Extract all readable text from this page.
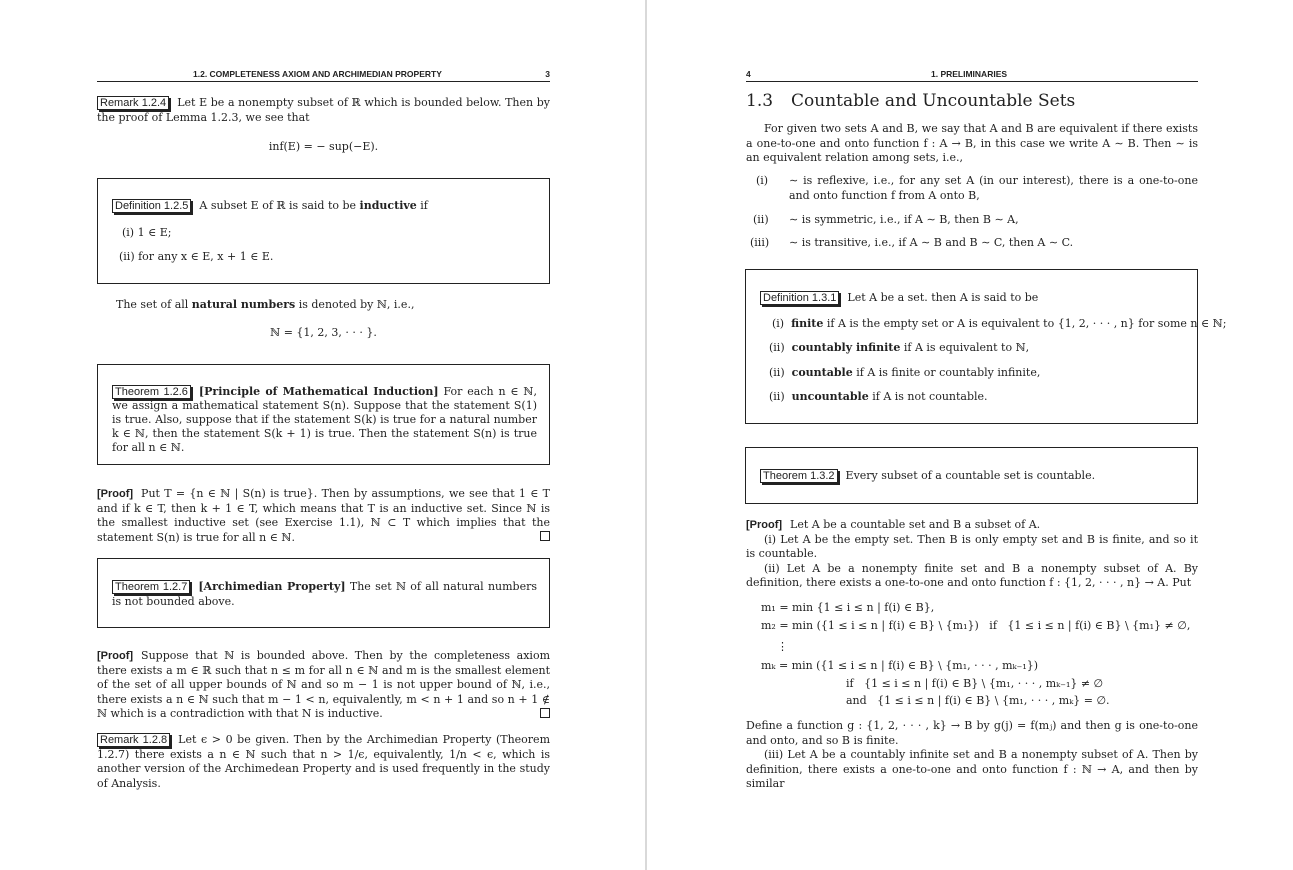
1.2. COMPLETENESS AXIOM AND ARCHIMEDIAN PROPERTY	3

Remark 1.2.4 Let E be a nonempty subset of ℝ which is bounded below. Then by the proof of Lemma 1.2.3, we see that

inf(E) = − sup(−E).

Definition 1.2.5 A subset E of ℝ is said to be inductive if

(i) 1 ∈ E;
(ii) for any x ∈ E, x + 1 ∈ E.

The set of all natural numbers is denoted by ℕ, i.e.,

ℕ = {1, 2, 3, · · · }.

Theorem 1.2.6 [Principle of Mathematical Induction] For each n ∈ ℕ, we assign a mathematical statement S(n). Suppose that the statement S(1) is true. Also, suppose that if the statement S(k) is true for a natural number k ∈ ℕ, then the statement S(k + 1) is true. Then the statement S(n) is true for all n ∈ ℕ.

[Proof] Put T = {n ∈ ℕ | S(n) is true}. Then by assumptions, we see that 1 ∈ T and if k ∈ T, then k + 1 ∈ T, which means that T is an inductive set. Since ℕ is the smallest inductive set (see Exercise 1.1), ℕ ⊂ T which implies that the statement S(n) is true for all n ∈ ℕ.

Theorem 1.2.7 [Archimedian Property] The set ℕ of all natural numbers is not bounded above.

[Proof] Suppose that ℕ is bounded above. Then by the completeness axiom there exists a m ∈ ℝ such that n ≤ m for all n ∈ ℕ and m is the smallest element of the set of all upper bounds of ℕ and so m − 1 is not upper bound of ℕ, i.e., there exists a n ∈ ℕ such that m − 1 < n, equivalently, m < n + 1 and so n + 1 ∉ ℕ which is a contradiction with that N is inductive.

Remark 1.2.8 Let ϵ > 0 be given. Then by the Archimedian Property (Theorem 1.2.7) there exists a n ∈ ℕ such that n > 1/ϵ, equivalently, 1/n < ϵ, which is another version of the Archimedean Property and is used frequently in the study of Analysis.

4	1. PRELIMINARIES
1.3 Countable and Uncountable Sets
For given two sets A and B, we say that A and B are equivalent if there exists a one-to-one and onto function f : A → B, in this case we write A ∼ B. Then ∼ is an equivalent relation among sets, i.e.,
(i) ∼ is reflexive, i.e., for any set A (in our interest), there is a one-to-one and onto function f from A onto B,
(ii) ∼ is symmetric, i.e., if A ∼ B, then B ∼ A,
(iii) ∼ is transitive, i.e., if A ∼ B and B ∼ C, then A ∼ C.

Definition 1.3.1 Let A be a set. then A is said to be

(i) finite if A is the empty set or A is equivalent to {1, 2, · · · , n} for some n ∈ ℕ;
(ii) countably infinite if A is equivalent to ℕ,
(ii) countable if A is finite or countably infinite,
(ii) uncountable if A is not countable.

Theorem 1.3.2 Every subset of a countable set is countable.

[Proof] Let A be a countable set and B a subset of A.

(i) Let A be the empty set. Then B is only empty set and B is finite, and so it is countable.

(ii) Let A be a nonempty finite set and B a nonempty subset of A. By definition, there exists a one-to-one and onto function f : {1, 2, · · · , n} → A. Put

m₁ = min {1 ≤ i ≤ n | f(i) ∈ B},
m₂ = min ({1 ≤ i ≤ n | f(i) ∈ B} \ {m₁})   if   {1 ≤ i ≤ n | f(i) ∈ B} \ {m₁} ≠ ∅,
⋮
mₖ = min ({1 ≤ i ≤ n | f(i) ∈ B} \ {m₁, · · · , mₖ₋₁})
if   {1 ≤ i ≤ n | f(i) ∈ B} \ {m₁, · · · , mₖ₋₁} ≠ ∅
and   {1 ≤ i ≤ n | f(i) ∈ B} \ {m₁, · · · , mₖ} = ∅.

Define a function g : {1, 2, · · · , k} → B by g(j) = f(mⱼ) and then g is one-to-one and onto, and so B is finite.

(iii) Let A be a countably infinite set and B a nonempty subset of A. Then by definition, there exists a one-to-one and onto function f : ℕ → A, and then by similar
